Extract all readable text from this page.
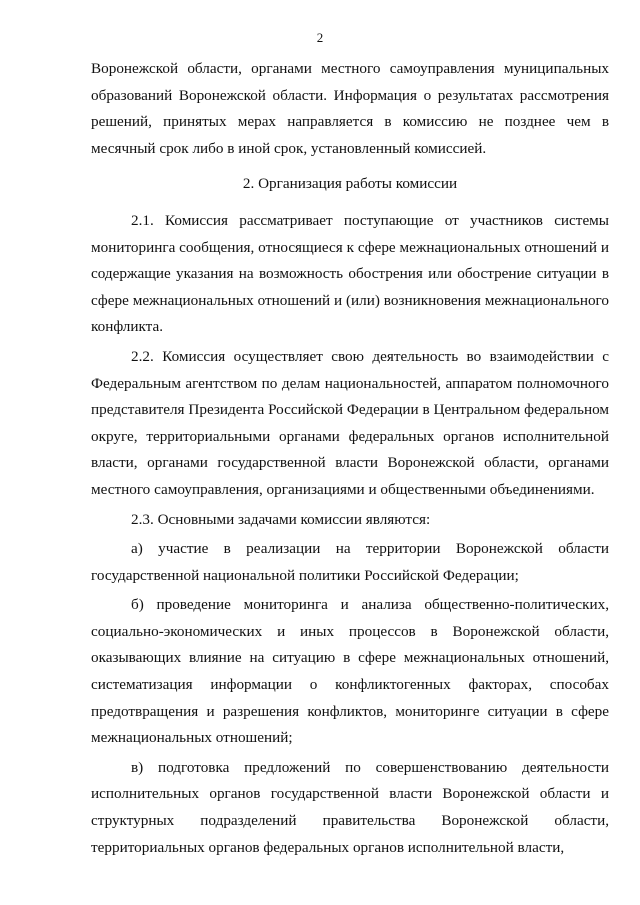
2

Воронежской области, органами местного самоуправления муниципальных образований Воронежской области. Информация о результатах рассмотрения решений, принятых мерах направляется в комиссию не позднее чем в месячный срок либо в иной срок, установленный комиссией.

2. Организация работы комиссии

2.1. Комиссия рассматривает поступающие от участников системы мониторинга сообщения, относящиеся к сфере межнациональных отношений и содержащие указания на возможность обострения или обострение ситуации в сфере межнациональных отношений и (или) возникновения межнационального конфликта.

2.2. Комиссия осуществляет свою деятельность во взаимодействии с Федеральным агентством по делам национальностей, аппаратом полномочного представителя Президента Российской Федерации в Центральном федеральном округе, территориальными органами федеральных органов исполнительной власти, органами государственной власти Воронежской области, органами местного самоуправления, организациями и общественными объединениями.

2.3. Основными задачами комиссии являются:

а) участие в реализации на территории Воронежской области государственной национальной политики Российской Федерации;

б) проведение мониторинга и анализа общественно-политических, социально-экономических и иных процессов в Воронежской области, оказывающих влияние на ситуацию в сфере межнациональных отношений, систематизация информации о конфликтогенных факторах, способах предотвращения и разрешения конфликтов, мониторинге ситуации в сфере межнациональных отношений;

в) подготовка предложений по совершенствованию деятельности исполнительных органов государственной власти Воронежской области и структурных подразделений правительства Воронежской области, территориальных органов федеральных органов исполнительной власти,
